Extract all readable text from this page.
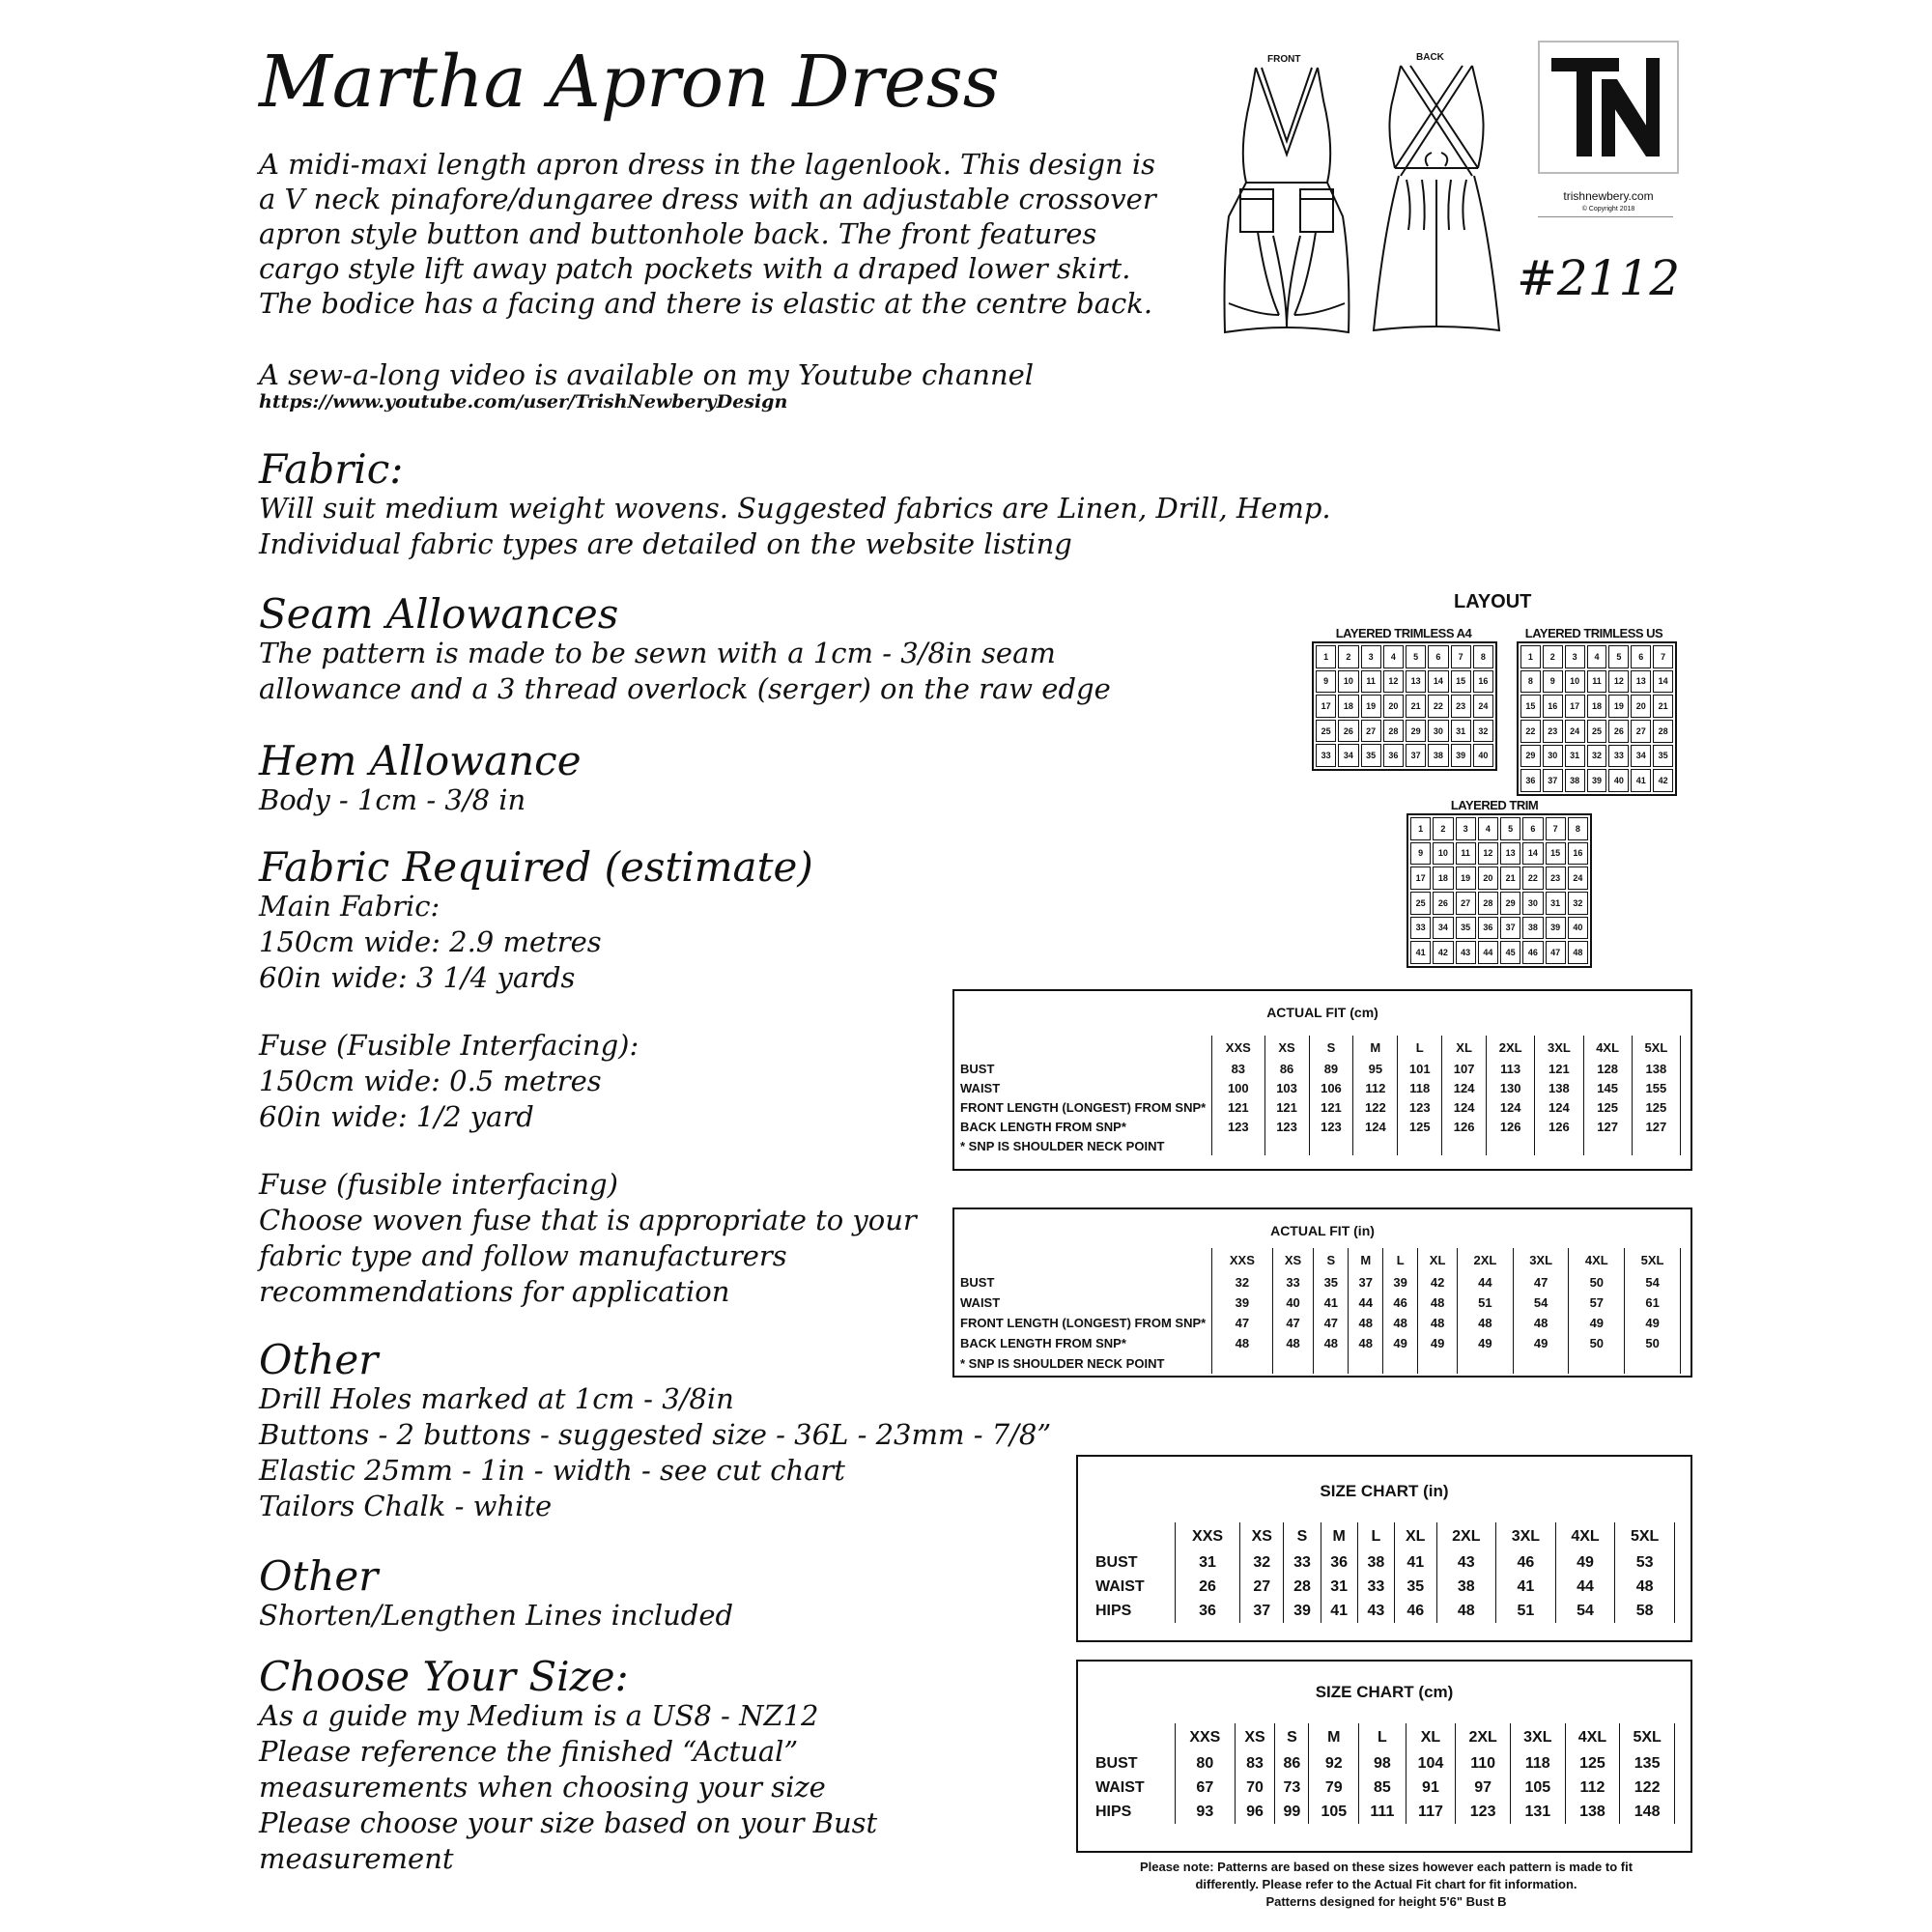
Martha Apron Dress

A midi-maxi length apron dress in the lagenlook. This design is

a V neck pinafore/dungaree dress with an adjustable crossover

apron style button and buttonhole back. The front features

cargo style lift away patch pockets with a draped lower skirt.

The bodice has a facing and there is elastic at the centre back.

A sew-a-long video is available on my Youtube channel
https://www.youtube.com/user/TrishNewberyDesign
FRONT	BACK
TN
trishnewbery.com
© Copyright 2018
#2112
Fabric:
Will suit medium weight wovens. Suggested fabrics are Linen, Drill, Hemp.
Individual fabric types are detailed on the website listing
Seam Allowances
The pattern is made to be sewn with a 1cm - 3/8in seam
allowance and a 3 thread overlock (serger) on the raw edge
Hem Allowance
Body - 1cm - 3/8 in
Fabric Required (estimate)
Main Fabric:
150cm wide: 2.9 metres
60in wide: 3 1/4 yards
Fuse (Fusible Interfacing):
150cm wide: 0.5 metres
60in wide: 1/2 yard
Fuse (fusible interfacing)
Choose woven fuse that is appropriate to your
fabric type and follow manufacturers
recommendations for application
Other
Drill Holes marked at 1cm - 3/8in
Buttons - 2 buttons - suggested size - 36L - 23mm - 7/8”
Elastic 25mm - 1in - width - see cut chart
Tailors Chalk - white
Other
Shorten/Lengthen Lines included
Choose Your Size:
As a guide my Medium is a US8 - NZ12
Please reference the finished “Actual”
measurements when choosing your size
Please choose your size based on your Bust
measurement
LAYOUT
LAYERED TRIMLESS A4
1	2	3	4	5	6	7	8
9	10	11	12	13	14	15	16
17	18	19	20	21	22	23	24
25	26	27	28	29	30	31	32
33	34	35	36	37	38	39	40
LAYERED TRIMLESS US
1	2	3	4	5	6	7
8	9	10	11	12	13	14
15	16	17	18	19	20	21
22	23	24	25	26	27	28
29	30	31	32	33	34	35
36	37	38	39	40	41	42
LAYERED TRIM
1	2	3	4	5	6	7	8
9	10	11	12	13	14	15	16
17	18	19	20	21	22	23	24
25	26	27	28	29	30	31	32
33	34	35	36	37	38	39	40
41	42	43	44	45	46	47	48
ACTUAL FIT (cm)
	XXS	XS	S	M	L	XL	2XL	3XL	4XL	5XL
BUST	83	86	89	95	101	107	113	121	128	138
WAIST	100	103	106	112	118	124	130	138	145	155
FRONT LENGTH (LONGEST) FROM SNP*	121	121	121	122	123	124	124	124	125	125
BACK LENGTH FROM SNP*	123	123	123	124	125	126	126	126	127	127
* SNP IS SHOULDER NECK POINT										
ACTUAL FIT (in)
	XXS	XS	S	M	L	XL	2XL	3XL	4XL	5XL
BUST	32	33	35	37	39	42	44	47	50	54
WAIST	39	40	41	44	46	48	51	54	57	61
FRONT LENGTH (LONGEST) FROM SNP*	47	47	47	48	48	48	48	48	49	49
BACK LENGTH FROM SNP*	48	48	48	48	49	49	49	49	50	50
* SNP IS SHOULDER NECK POINT										
SIZE CHART (in)
	XXS	XS	S	M	L	XL	2XL	3XL	4XL	5XL
BUST	31	32	33	36	38	41	43	46	49	53
WAIST	26	27	28	31	33	35	38	41	44	48
HIPS	36	37	39	41	43	46	48	51	54	58
SIZE CHART (cm)
	XXS	XS	S	M	L	XL	2XL	3XL	4XL	5XL
BUST	80	83	86	92	98	104	110	118	125	135
WAIST	67	70	73	79	85	91	97	105	112	122
HIPS	93	96	99	105	111	117	123	131	138	148
Please note: Patterns are based on these sizes however each pattern is made to fit
differently. Please refer to the Actual Fit chart for fit information.
Patterns designed for height 5'6" Bust B
